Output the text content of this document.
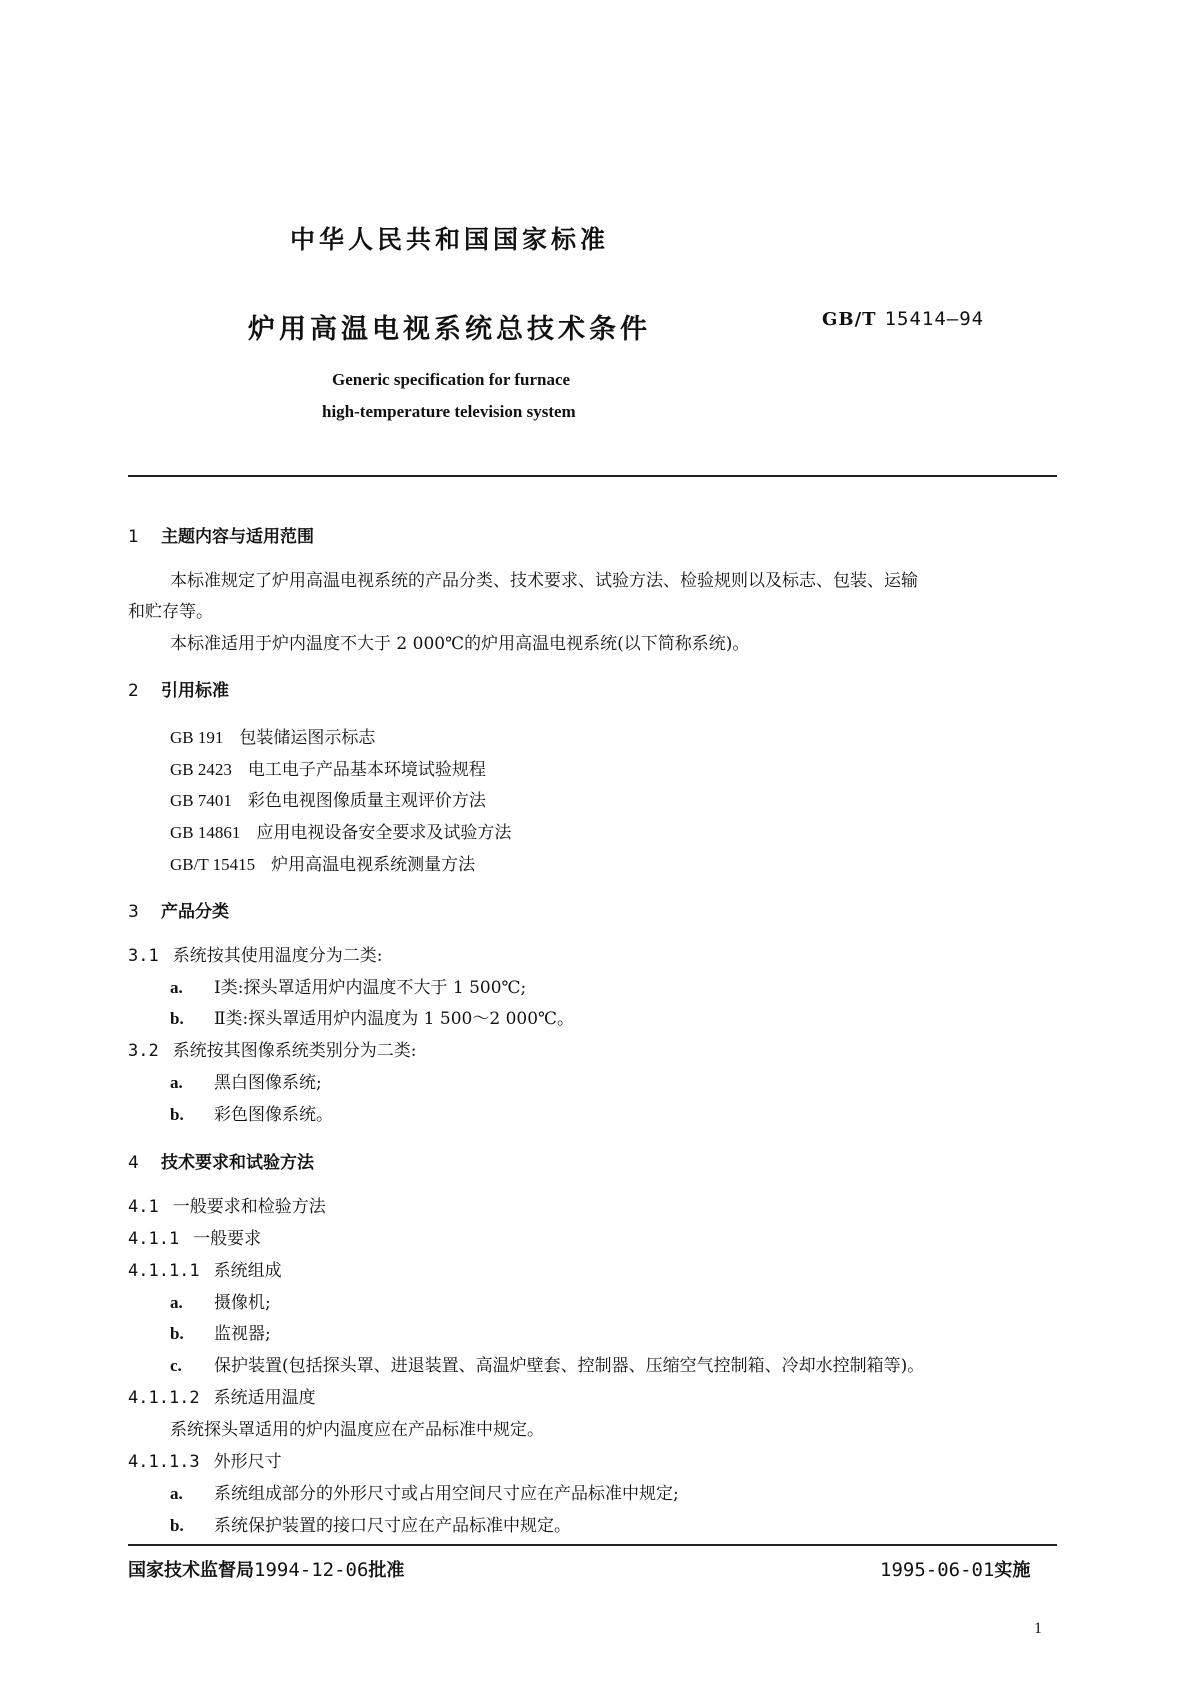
中华人民共和国国家标准
炉用高温电视系统总技术条件	GB/T 15414—94
Generic specification for furnace
high-temperature television system
1 主题内容与适用范围
本标准规定了炉用高温电视系统的产品分类、技术要求、试验方法、检验规则以及标志、包装、运输
和贮存等。
本标准适用于炉内温度不大于 2 000℃的炉用高温电视系统(以下简称系统)。
2 引用标准
GB 191 包装储运图示标志
GB 2423 电工电子产品基本环境试验规程
GB 7401 彩色电视图像质量主观评价方法
GB 14861 应用电视设备安全要求及试验方法
GB/T 15415 炉用高温电视系统测量方法
3 产品分类
3.1 系统按其使用温度分为二类:
a. Ⅰ类:探头罩适用炉内温度不大于 1 500℃;
b. Ⅱ类:探头罩适用炉内温度为 1 500～2 000℃。
3.2 系统按其图像系统类别分为二类:
a. 黑白图像系统;
b. 彩色图像系统。
4 技术要求和试验方法
4.1 一般要求和检验方法
4.1.1 一般要求
4.1.1.1 系统组成
a. 摄像机;
b. 监视器;
c. 保护装置(包括探头罩、进退装置、高温炉壁套、控制器、压缩空气控制箱、冷却水控制箱等)。
4.1.1.2 系统适用温度
系统探头罩适用的炉内温度应在产品标准中规定。
4.1.1.3 外形尺寸
a. 系统组成部分的外形尺寸或占用空间尺寸应在产品标准中规定;
b. 系统保护装置的接口尺寸应在产品标准中规定。
国家技术监督局1994-12-06批准	1995-06-01实施
1
